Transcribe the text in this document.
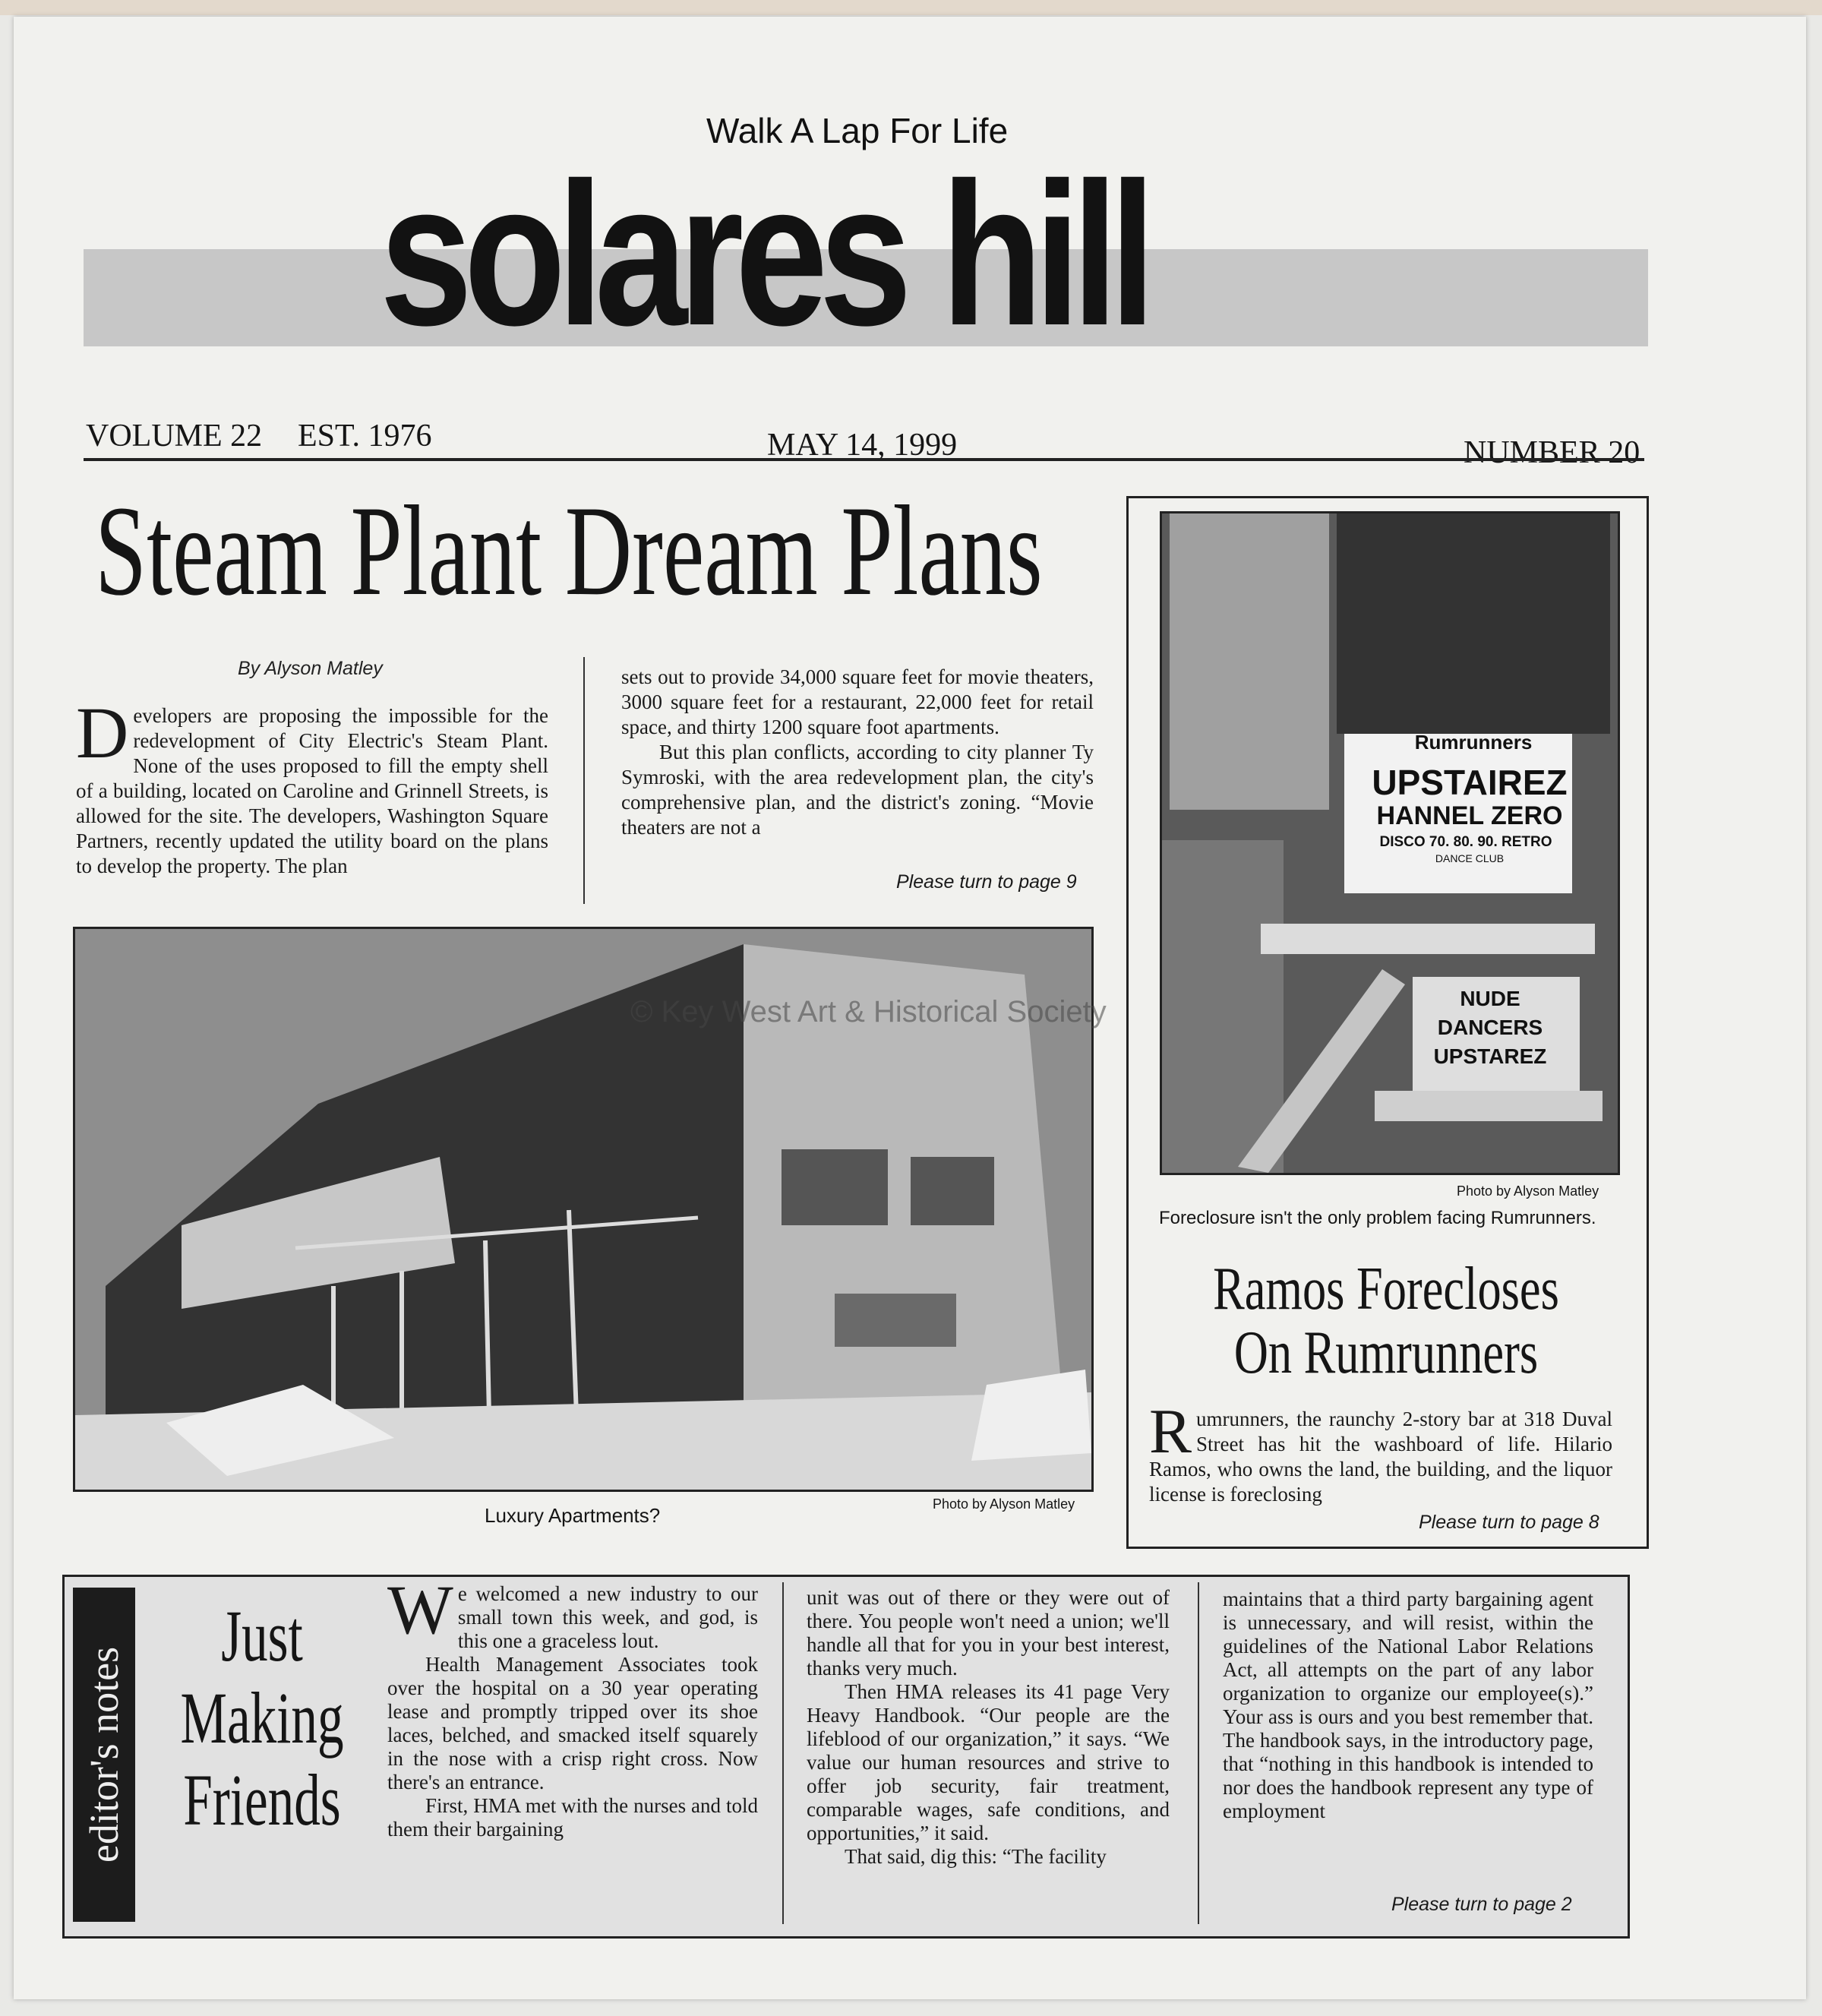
Walk A Lap For Life
solares hill
VOLUME 22 EST. 1976	MAY 14, 1999	NUMBER 20
Steam Plant Dream Plans
By Alyson Matley

Developers are proposing the impossible for the redevelopment of City Electric's Steam Plant. None of the uses proposed to fill the empty shell of a building, located on Caroline and Grinnell Streets, is allowed for the site. The developers, Washington Square Partners, recently updated the utility board on the plans to develop the property. The plan

sets out to provide 34,000 square feet for movie theaters, 3000 square feet for a restaurant, 22,000 feet for retail space, and thirty 1200 square foot apartments.

But this plan conflicts, according to city planner Ty Symroski, with the area redevelopment plan, the city's comprehensive plan, and the district's zoning. “Movie theaters are not a

Please turn to page 9
Luxury Apartments?	Photo by Alyson Matley
Rumrunners
UPSTAIREZ
HANNEL ZERO
DISCO 70. 80. 90. RETRO
DANCE CLUB
NUDE DANCERS UPSTAREZ
Photo by Alyson Matley
Foreclosure isn't the only problem facing Rumrunners.
Ramos Forecloses
On Rumrunners

Rumrunners, the raunchy 2-story bar at 318 Duval Street has hit the washboard of life. Hilario Ramos, who owns the land, the building, and the liquor license is foreclosing

Please turn to page 8
editor's notes
Just
Making
Friends

We welcomed a new industry to our small town this week, and god, is this one a graceless lout.

Health Management Associates took over the hospital on a 30 year operating lease and promptly tripped over its shoe laces, belched, and smacked itself squarely in the nose with a crisp right cross. Now there's an entrance.

First, HMA met with the nurses and told them their bargaining

unit was out of there or they were out of there. You people won't need a union; we'll handle all that for you in your best interest, thanks very much.

Then HMA releases its 41 page Very Heavy Handbook. “Our people are the lifeblood of our organization,” it says. “We value our human resources and strive to offer job security, fair treatment, comparable wages, safe conditions, and opportunities,” it said.

That said, dig this: “The facility

maintains that a third party bargaining agent is unnecessary, and will resist, within the guidelines of the National Labor Relations Act, all attempts on the part of any labor organization to organize our employee(s).” Your ass is ours and you best remember that. The handbook says, in the introductory page, that “nothing in this handbook is intended to nor does the handbook represent any type of employment

Please turn to page 2
© Key West Art & Historical Society
